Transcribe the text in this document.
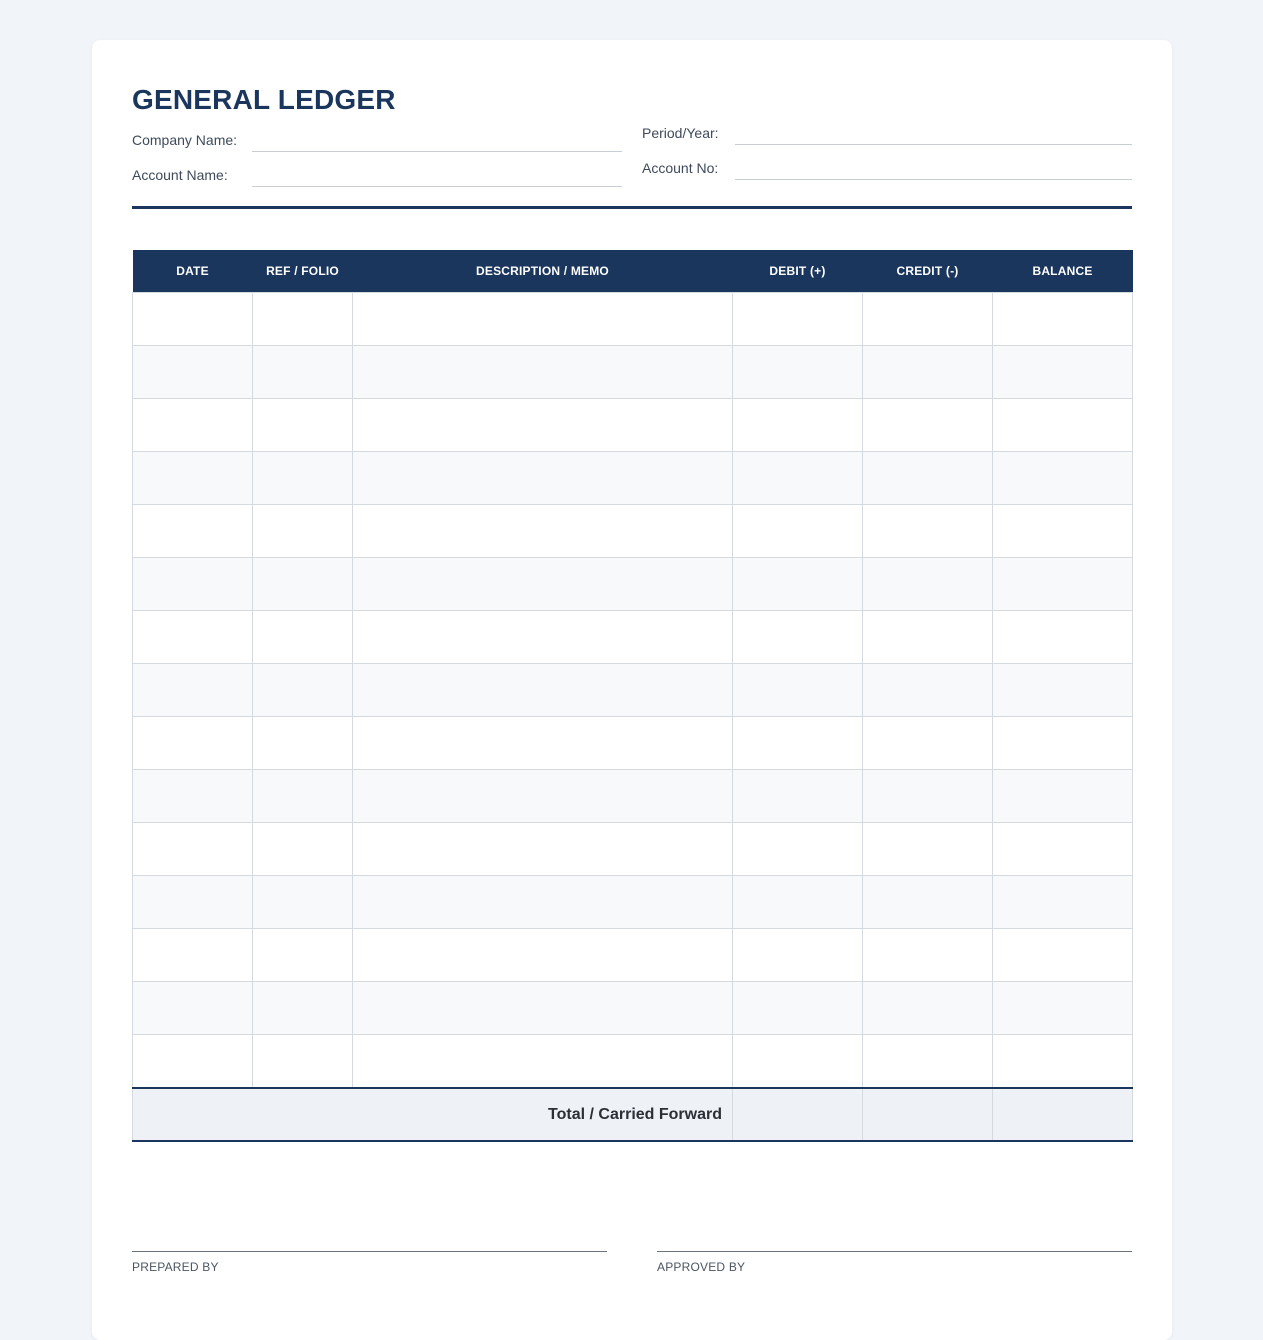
GENERAL LEDGER
Company Name:
Account Name:
Period/Year:
Account No:
DATE	REF / FOLIO	DESCRIPTION / MEMO	DEBIT (+)	CREDIT (-)	BALANCE

Total / Carried Forward					
PREPARED BY	APPROVED BY
